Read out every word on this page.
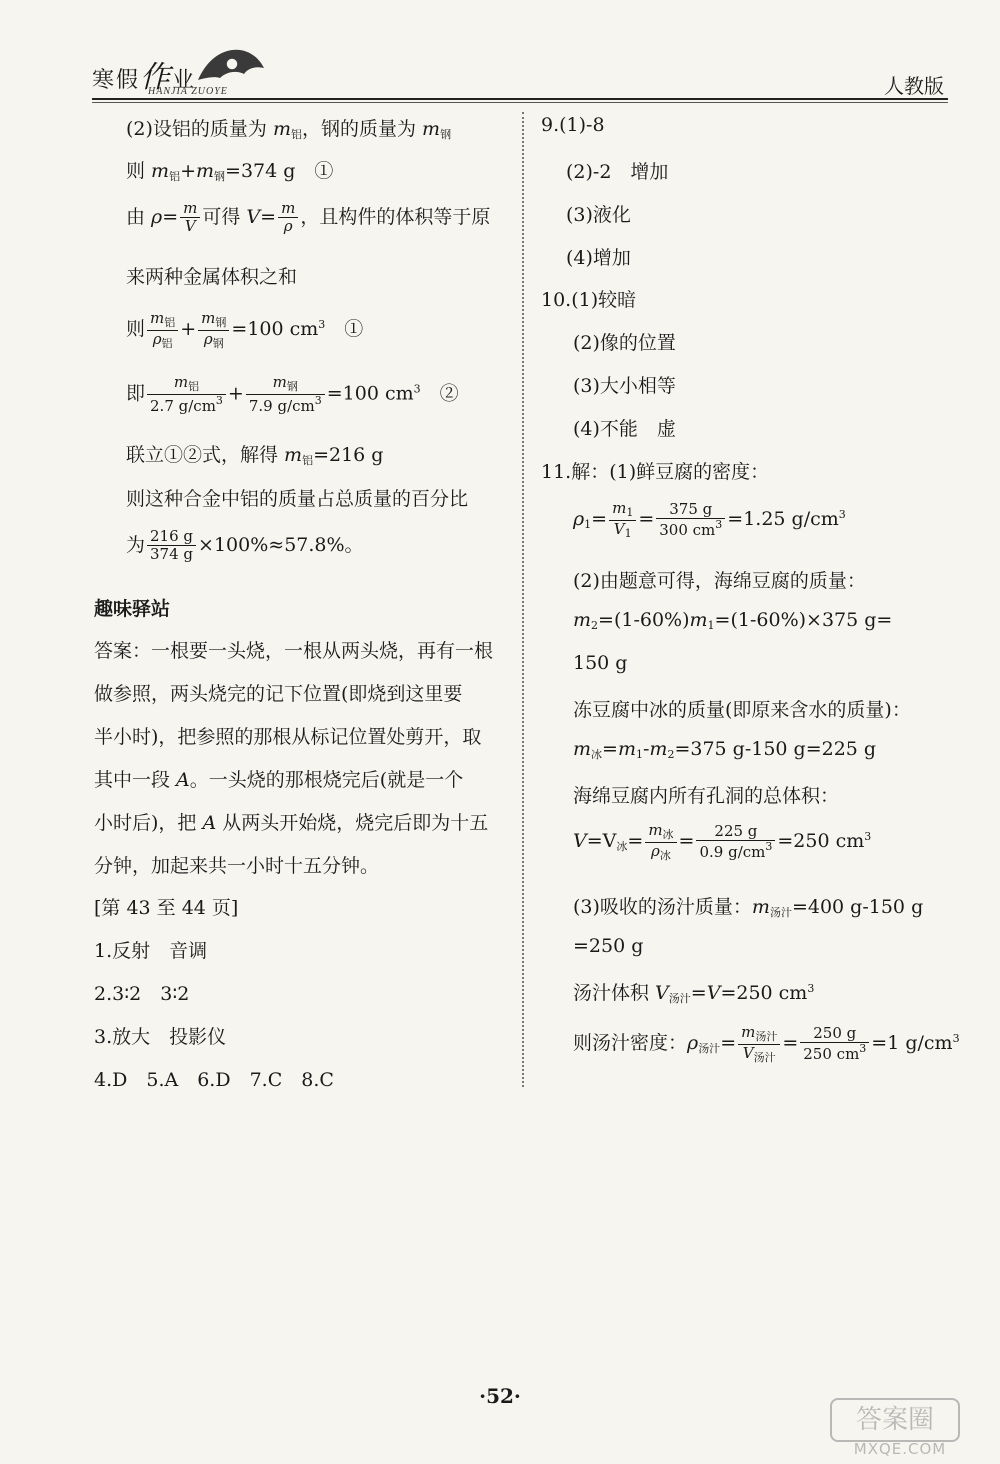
寒假作业
HANJIA ZUOYE	人教版
(2)设铝的质量为 $m_铝$，钢的质量为 $m_钢$
则 $m_铝+m_钢=374$ g　①
由 $\rho= \frac{m}{V}$ 可得 $V= \frac{m}{\rho}$ ，且构件的体积等于原
来两种金属体积之和
则 $\frac{m_铝}{\rho_铝} + \frac{m_钢}{\rho_钢} =100$ $cm^3$　①
即 $\frac{m_铝}{2.7 g/cm^3} + \frac{m_钢}{7.9 g/cm^3} =100$ $cm^3$　②
联立①②式，解得 $m_铝=216$ g
则这种合金中铝的质量占总质量的百分比
为 $\frac{216 g}{374 g} \times 100\%\approx 57.8\%$。
趣味驿站
答案：一根要一头烧，一根从两头烧，再有一根
做参照，两头烧完的记下位置(即烧到这里要
半小时)，把参照的那根从标记位置处剪开，取
其中一段 A。一头烧的那根烧完后(就是一个
小时后)，把 A 从两头开始烧，烧完后即为十五
分钟，加起来共一小时十五分钟。
[第 43 至 44 页]
1.反射　音调
2.3∶2　3∶2
3.放大　投影仪
4.D　5.A　6.D　7.C　8.C
9.(1)-8
(2)-2　增加
(3)液化
(4)增加
10.(1)较暗
(2)像的位置
(3)大小相等
(4)不能　虚
11.解：(1)鲜豆腐的密度：
$\rho_1= \frac{m_1}{V_1} = \frac{375 g}{300 cm^3} =1.25$ $g/cm^3$
(2)由题意可得，海绵豆腐的质量：
$m_2=(1-60\%)m_1=(1-60\%)\times 375$ g=
150 g
冻豆腐中冰的质量(即原来含水的质量)：
$m_冰=m_1-m_2=375$ g-150 g=225 g
海绵豆腐内所有孔洞的总体积：
$V=V_冰= \frac{m_冰}{\rho_冰} = \frac{225 g}{0.9 g/cm^3} =250$ $cm^3$
(3)吸收的汤汁质量：$m_{汤汁}=400$ g-150 g
=250 g
汤汁体积 $V_{汤汁}=V=250$ $cm^3$
则汤汁密度：$\rho_{汤汁}= \frac{m_{汤汁}}{V_{汤汁}} = \frac{250 g}{250 cm^3} =1$ $g/cm^3$
·52·
答案圈
MXQE.COM
